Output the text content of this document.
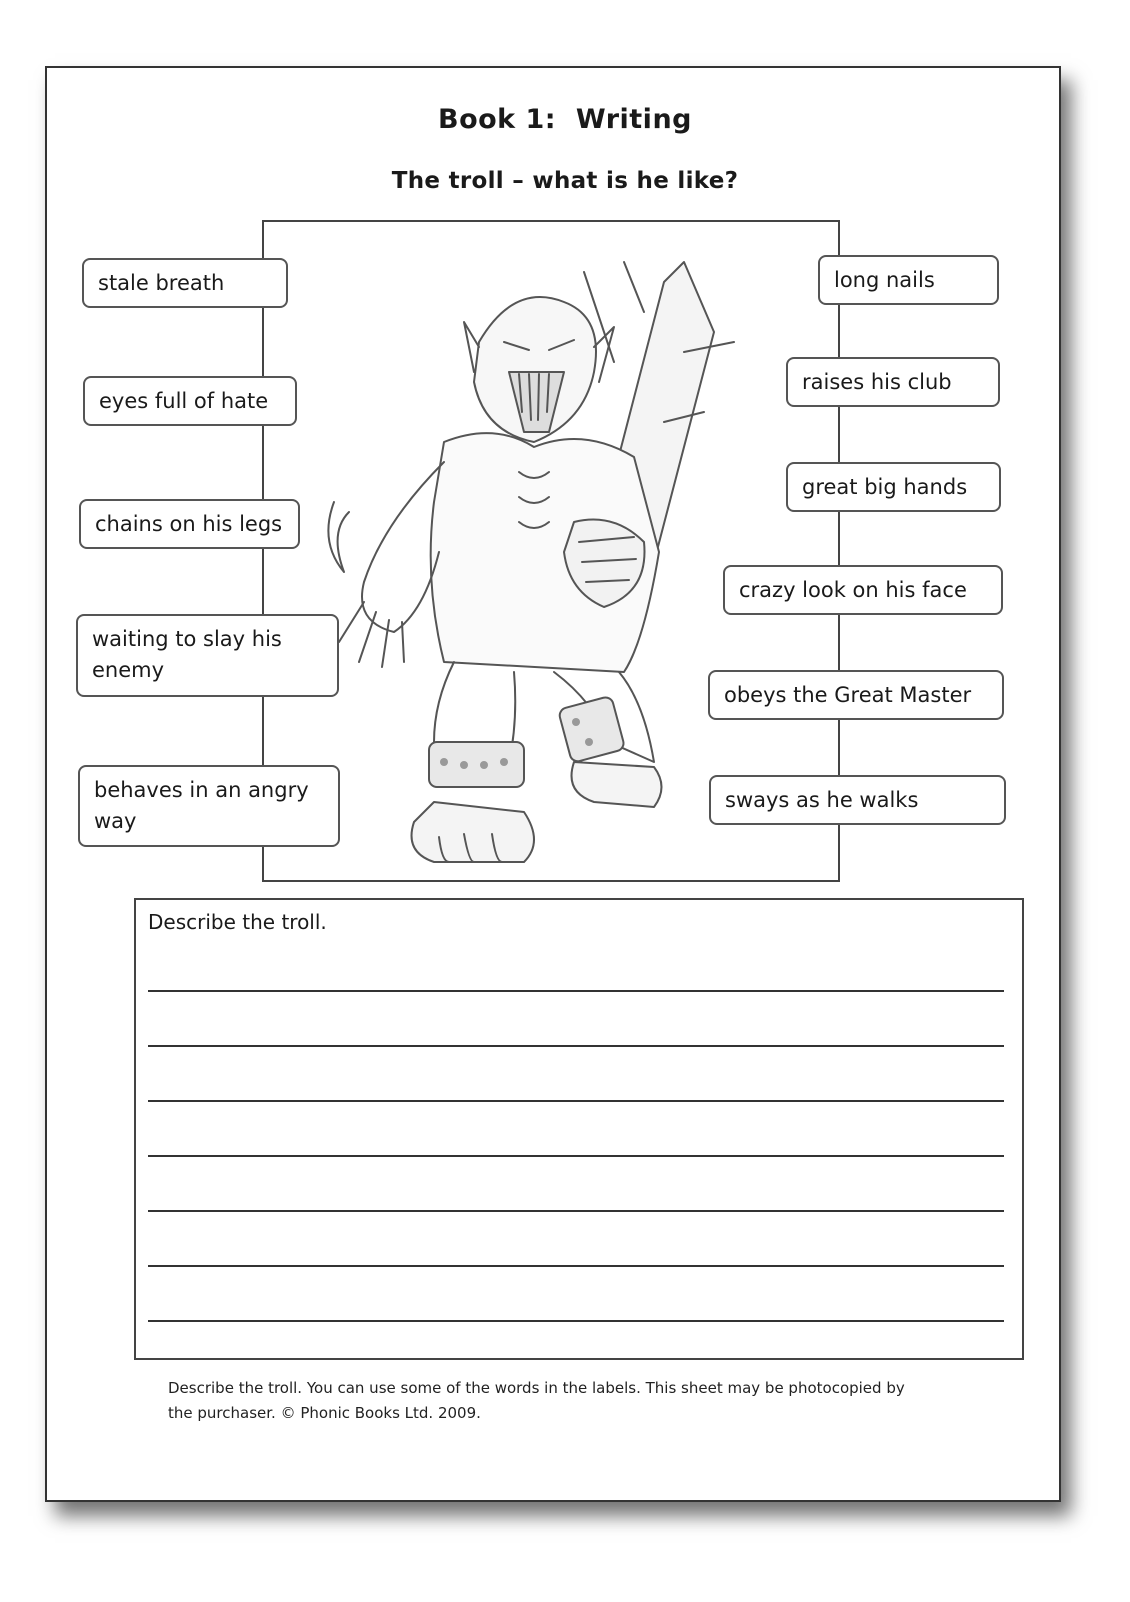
Book 1:  Writing
The troll – what is he like?
stale breath
eyes full of hate
chains on his legs
waiting to slay his enemy
behaves in an angry way
long nails
raises his club
great big hands
crazy look on his face
obeys the Great Master
sways as he walks
Describe the troll.
Describe the troll. You can use some of the words in the labels. This sheet may be photocopied by the purchaser. © Phonic Books Ltd. 2009.
